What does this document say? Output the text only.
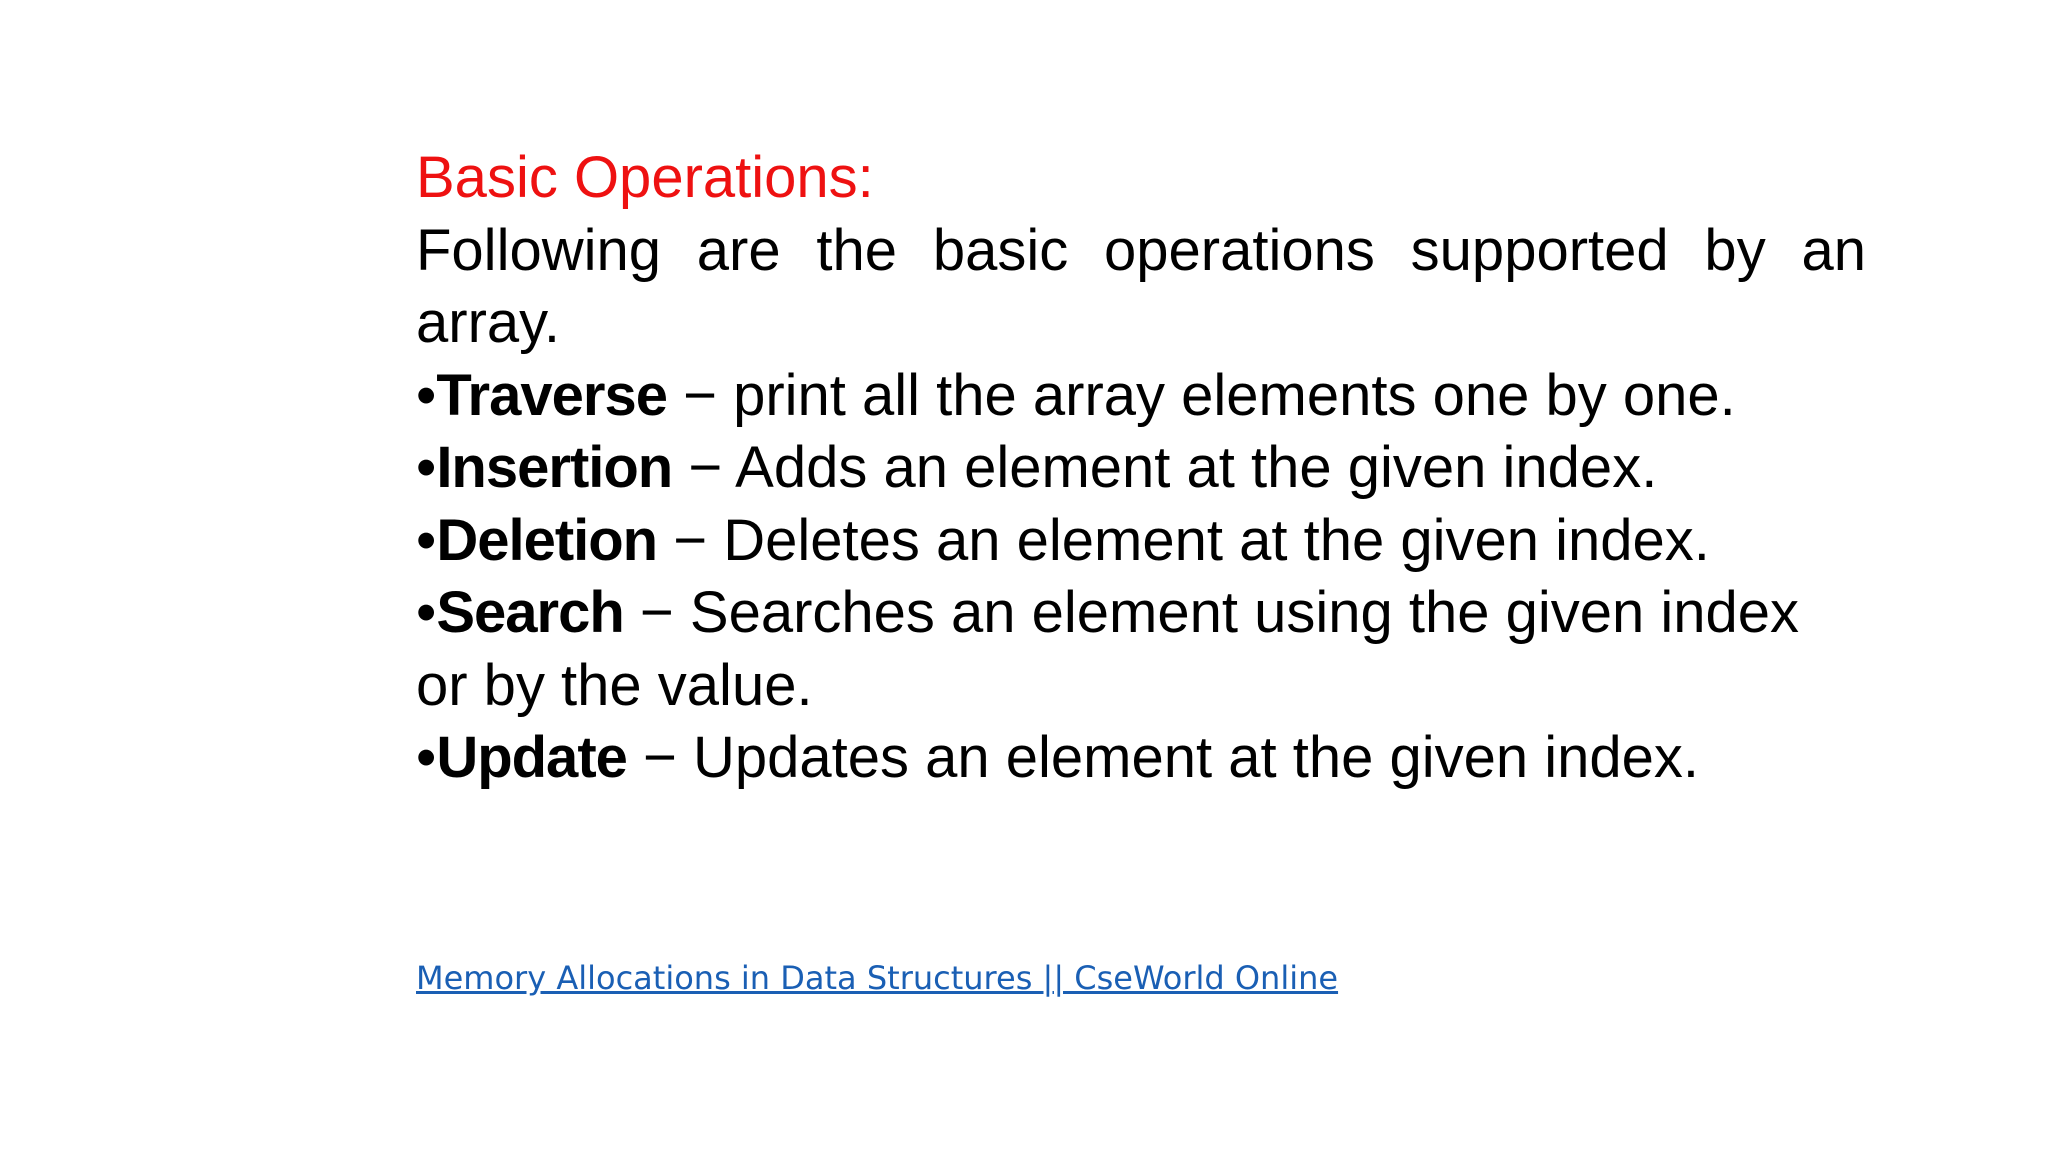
Basic Operations:
Following are the basic operations supported by an array.
•Traverse − print all the array elements one by one.
•Insertion − Adds an element at the given index.
•Deletion − Deletes an element at the given index.
•Search − Searches an element using the given index or by the value.
•Update − Updates an element at the given index.
Memory Allocations in Data Structures || CseWorld Online
